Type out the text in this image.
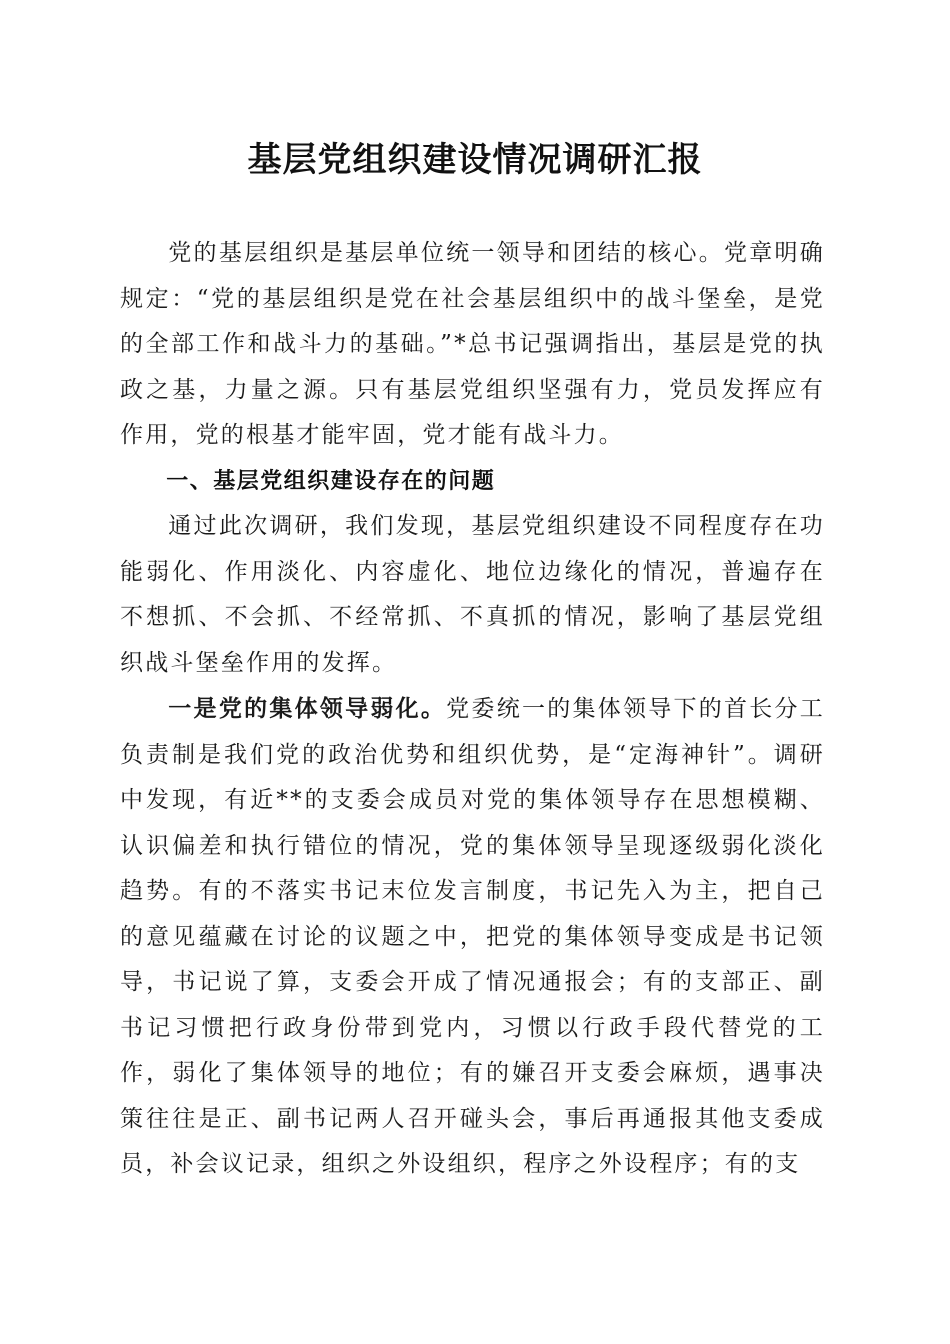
基层党组织建设情况调研汇报

党的基层组织是基层单位统一领导和团结的核心。党章明确规定：“党的基层组织是党在社会基层组织中的战斗堡垒，是党的全部工作和战斗力的基础。”*总书记强调指出，基层是党的执政之基，力量之源。只有基层党组织坚强有力，党员发挥应有作用，党的根基才能牢固，党才能有战斗力。

一、基层党组织建设存在的问题

通过此次调研，我们发现，基层党组织建设不同程度存在功能弱化、作用淡化、内容虚化、地位边缘化的情况，普遍存在不想抓、不会抓、不经常抓、不真抓的情况，影响了基层党组织战斗堡垒作用的发挥。

一是党的集体领导弱化。党委统一的集体领导下的首长分工负责制是我们党的政治优势和组织优势，是“定海神针”。调研中发现，有近**的支委会成员对党的集体领导存在思想模糊、认识偏差和执行错位的情况，党的集体领导呈现逐级弱化淡化趋势。有的不落实书记末位发言制度，书记先入为主，把自己的意见蕴藏在讨论的议题之中，把党的集体领导变成是书记领导，书记说了算，支委会开成了情况通报会；有的支部正、副书记习惯把行政身份带到党内，习惯以行政手段代替党的工作，弱化了集体领导的地位；有的嫌召开支委会麻烦，遇事决策往往是正、副书记两人召开碰头会，事后再通报其他支委成员，补会议记录，组织之外设组织，程序之外设程序；有的支
